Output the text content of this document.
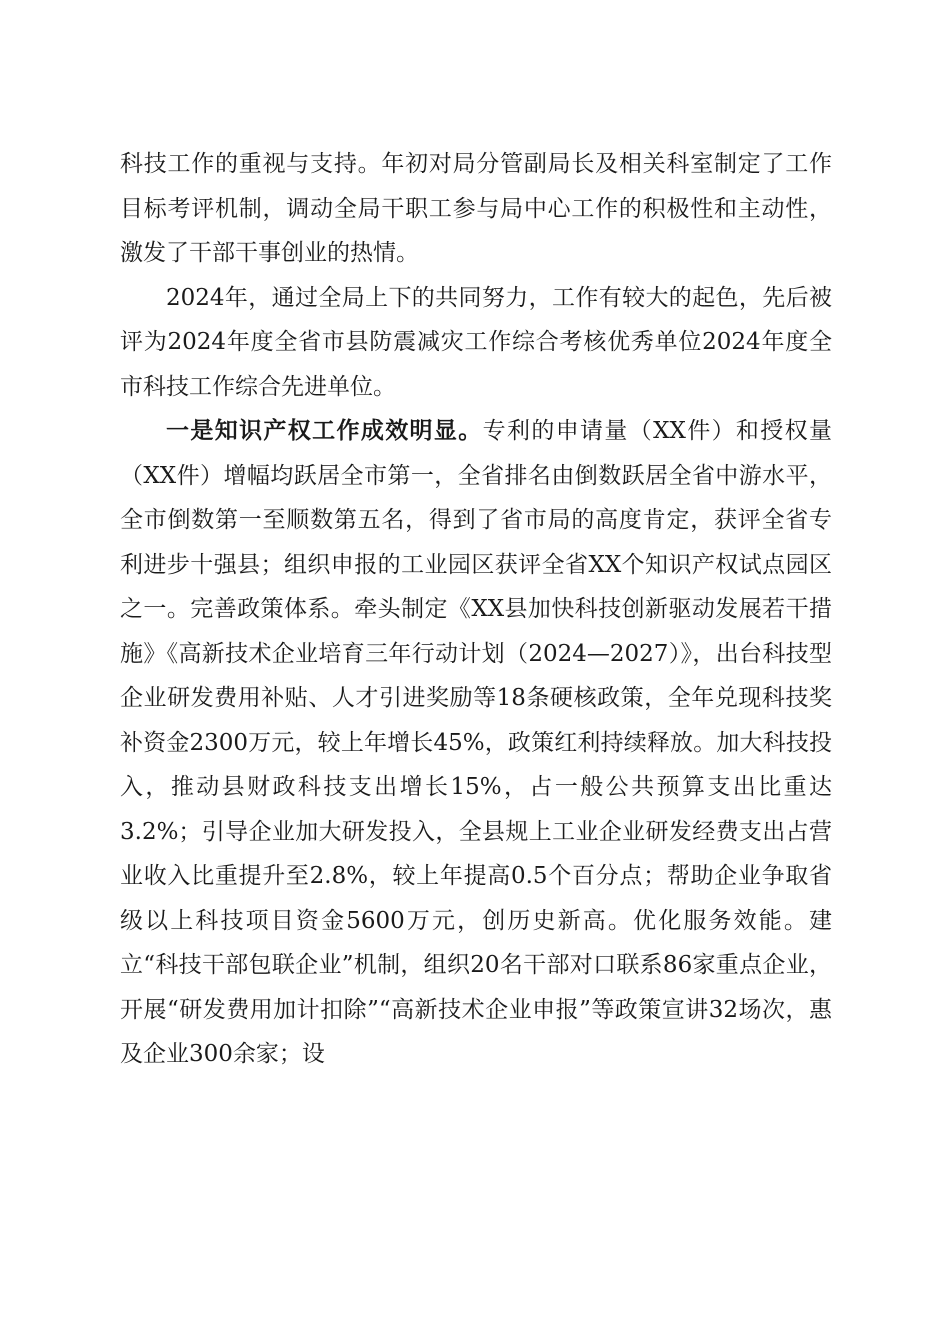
科技工作的重视与支持。年初对局分管副局长及相关科室制定了工作目标考评机制，调动全局干职工参与局中心工作的积极性和主动性，激发了干部干事创业的热情。

2024年，通过全局上下的共同努力，工作有较大的起色，先后被评为2024年度全省市县防震减灾工作综合考核优秀单位2024年度全市科技工作综合先进单位。

一是知识产权工作成效明显。专利的申请量（XX件）和授权量（XX件）增幅均跃居全市第一，全省排名由倒数跃居全省中游水平，全市倒数第一至顺数第五名，得到了省市局的高度肯定，获评全省专利进步十强县；组织申报的工业园区获评全省XX个知识产权试点园区之一。完善政策体系。牵头制定《XX县加快科技创新驱动发展若干措施》《高新技术企业培育三年行动计划（2024—2027）》，出台科技型企业研发费用补贴、人才引进奖励等18条硬核政策，全年兑现科技奖补资金2300万元，较上年增长45%，政策红利持续释放。加大科技投入，推动县财政科技支出增长15%，占一般公共预算支出比重达3.2%；引导企业加大研发投入，全县规上工业企业研发经费支出占营业收入比重提升至2.8%，较上年提高0.5个百分点；帮助企业争取省级以上科技项目资金5600万元，创历史新高。优化服务效能。建立“科技干部包联企业”机制，组织20名干部对口联系86家重点企业，开展“研发费用加计扣除”“高新技术企业申报”等政策宣讲32场次，惠及企业300余家；设
